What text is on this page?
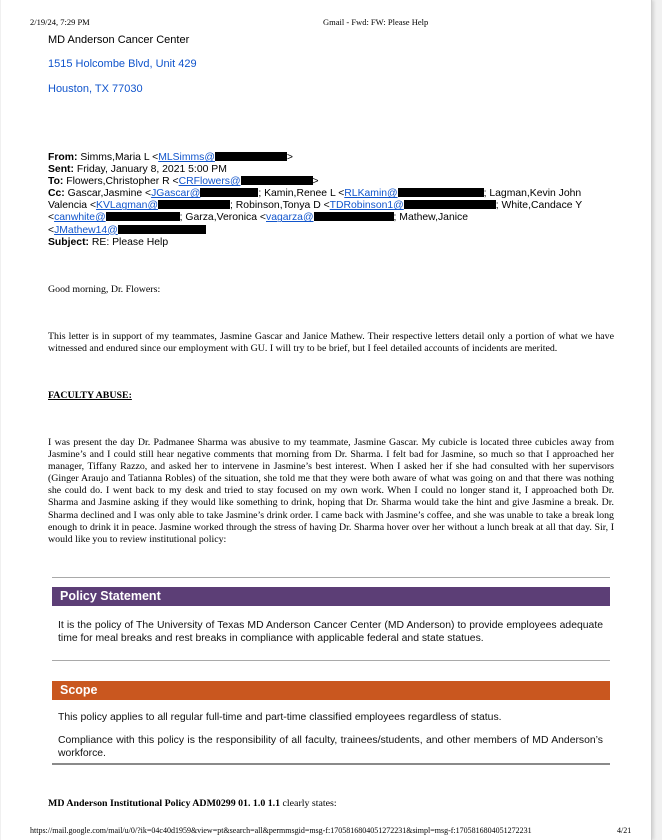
2/19/24, 7:29 PM	Gmail - Fwd: FW: Please Help
MD Anderson Cancer Center
1515 Holcombe Blvd, Unit 429
Houston, TX 77030
From: Simms,Maria L <MLSimms@	>
Sent: Friday, January 8, 2021 5:00 PM
To: Flowers,Christopher R <CRFlowers@	>
Cc: Gascar,Jasmine <JGascar@	; Kamin,Renee L <RLKamin@	; Lagman,Kevin John
Valencia <KVLagman@	; Robinson,Tonya D <TDRobinson1@	; White,Candace Y
<canwhite@	; Garza,Veronica <vagarza@	; Mathew,Janice
<JMathew14@
Subject: RE: Please Help
Good morning, Dr. Flowers:
This letter is in support of my teammates, Jasmine Gascar and Janice Mathew. Their respective letters detail only a portion of what we have witnessed and endured since our employment with GU. I will try to be brief, but I feel detailed accounts of incidents are merited.
FACULTY ABUSE:
I was present the day Dr. Padmanee Sharma was abusive to my teammate, Jasmine Gascar. My cubicle is located three cubicles away from Jasmine’s and I could still hear negative comments that morning from Dr. Sharma. I felt bad for Jasmine, so much so that I approached her manager, Tiffany Razzo, and asked her to intervene in Jasmine’s best interest. When I asked her if she had consulted with her supervisors (Ginger Araujo and Tatianna Robles) of the situation, she told me that they were both aware of what was going on and that there was nothing she could do. I went back to my desk and tried to stay focused on my own work. When I could no longer stand it, I approached both Dr. Sharma and Jasmine asking if they would like something to drink, hoping that Dr. Sharma would take the hint and give Jasmine a break. Dr. Sharma declined and I was only able to take Jasmine’s drink order. I came back with Jasmine’s coffee, and she was unable to take a break long enough to drink it in peace. Jasmine worked through the stress of having Dr. Sharma hover over her without a lunch break at all that day. Sir, I would like you to review institutional policy:
Policy Statement
It is the policy of The University of Texas MD Anderson Cancer Center (MD Anderson) to provide employees adequate time for meal breaks and rest breaks in compliance with applicable federal and state statues.
Scope
This policy applies to all regular full-time and part-time classified employees regardless of status.
Compliance with this policy is the responsibility of all faculty, trainees/students, and other members of MD Anderson’s workforce.
MD Anderson Institutional Policy ADM0299 01. 1.0 1.1 clearly states:
https://mail.google.com/mail/u/0/?ik=04c40d1959&view=pt&search=all&permmsgid=msg-f:1705816804051272231&simpl=msg-f:1705816804051272231	4/21
